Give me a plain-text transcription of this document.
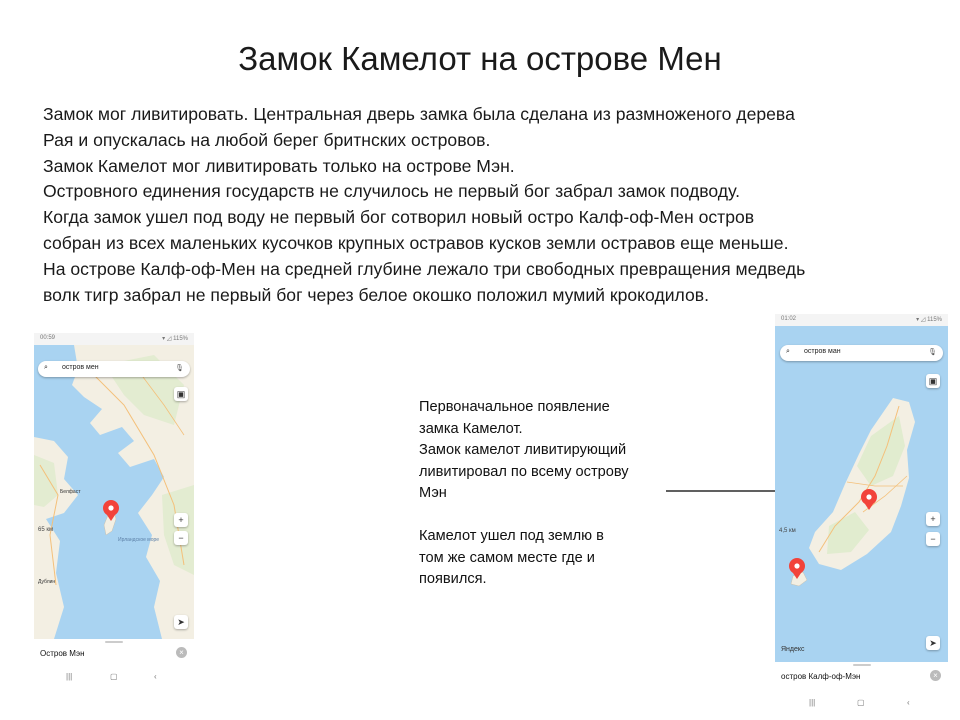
Замок Камелот на острове Мен
Замок мог ливитировать. Центральная дверь замка была сделана из размноженого дерева
Рая и опускалась на любой берег бритнских островов.
Замок Камелот мог ливитировать только на острове Мэн.
Островного единения государств не случилось не первый бог забрал замок подводу.
Когда замок ушел под воду не первый бог сотворил новый остро Калф-оф-Мен остров
собран из всех маленьких кусочков крупных остравов кусков земли остравов еще меньше.
На острове Калф-оф-Мен на средней глубине лежало три свободных превращения медведь
волк тигр забрал не первый бог через белое окошко положил мумий крокодилов.
Первоначальное появление
замка Камелот.
Замок камелот ливитирующий
ливитировал по всему острову
Мэн
Камелот ушел под землю в
том же самом месте где и
появился.
00:59	▾ ◿ 115%
Ирландское море
Белфаст
Дублин
⌕ остров мен	🎙
▣
+
−
➤
65 км
Остров Мэн	×
|||	▢	‹
01:02	▾ ◿ 115%
⌕ остров ман	🎙
▣
+
−
➤
4,5 км
Яндекс
остров Калф-оф-Мэн	×
|||	▢	‹
